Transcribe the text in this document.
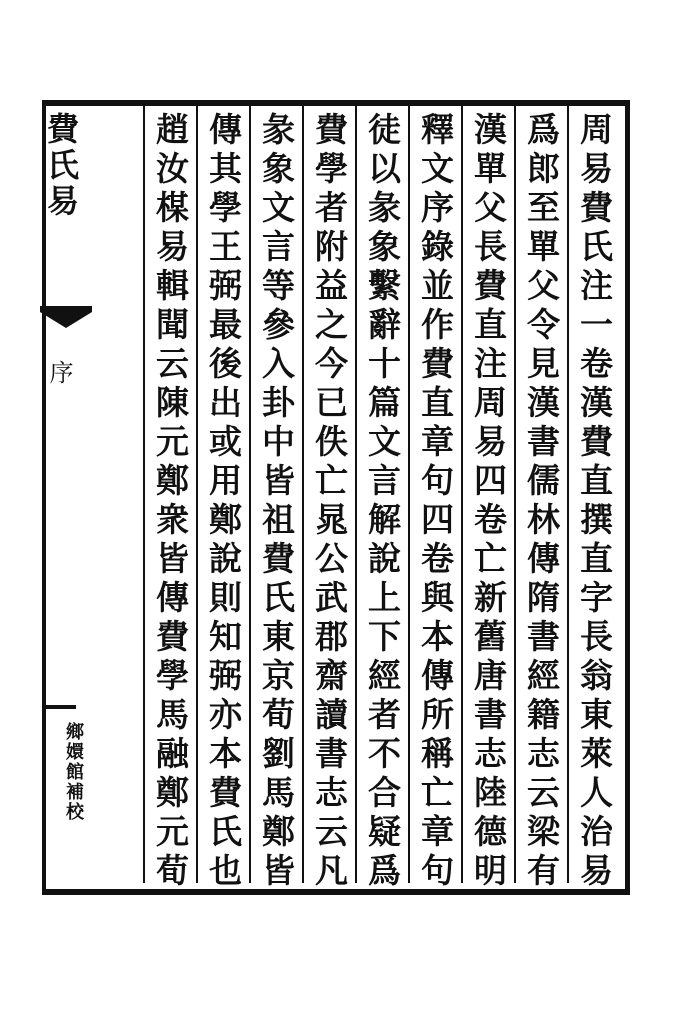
費氏易
序
鄉嬛館補校	周易費氏注一卷漢費直撰直字長翁東萊人治易
爲郎至單父令見漢書儒林傳隋書經籍志云梁有
漢單父長費直注周易四卷亡新舊唐書志陸德明
釋文序錄並作費直章句四卷與本傳所稱亡章句
徒以彖象繫辭十篇文言解說上下經者不合疑爲
費學者附益之今已佚亡晁公武郡齋讀書志云凡
彖象文言等參入卦中皆祖費氏東京荀劉馬鄭皆
傳其學王弼最後出或用鄭說則知弼亦本費氏也
趙汝楳易輯聞云陳元鄭衆皆傳費學馬融鄭元荀
